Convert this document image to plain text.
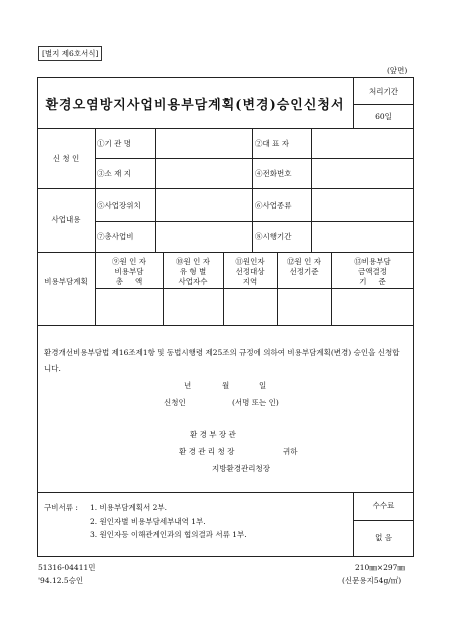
[별지 제6호서식]
(앞면)
환경오염방지사업비용부담계획(변경)승인신청서
처리기간
60일
신 청 인
①기 관 명	②대 표 자
③소 재 지	④전화번호
사업내용
⑤사업장위치	⑥사업종류
⑦총사업비	⑧시행기간
비용부담계획
⑨원 인 자
비용부담
총     액
⑩원 인 자
유 형 별
사업자수
⑪원인자
선정대상
지역
⑫원 인 자
선정기준
⑬비용부담
금액결정
기     준
환경개선비용부담법 제16조제1항 및 동법시행령 제25조의 규정에 의하여 비용부담계획(변경) 승인을 신청합니다.
년	월	일
신청인	(서명 또는 인)
환 경 부 장 관
환 경 관 리 청 장	귀하
지방환경관리청장
구비서류 : 1. 비용부담계획서 2부.
2. 원인자별 비용부담세부내역 1부.
3. 원인자등 이해관계인과의 협의결과 서류 1부.
수수료
없 음
51316-04411민
'94.12.5승인
210㎜×297㎜
(신문용지54g/㎡)
